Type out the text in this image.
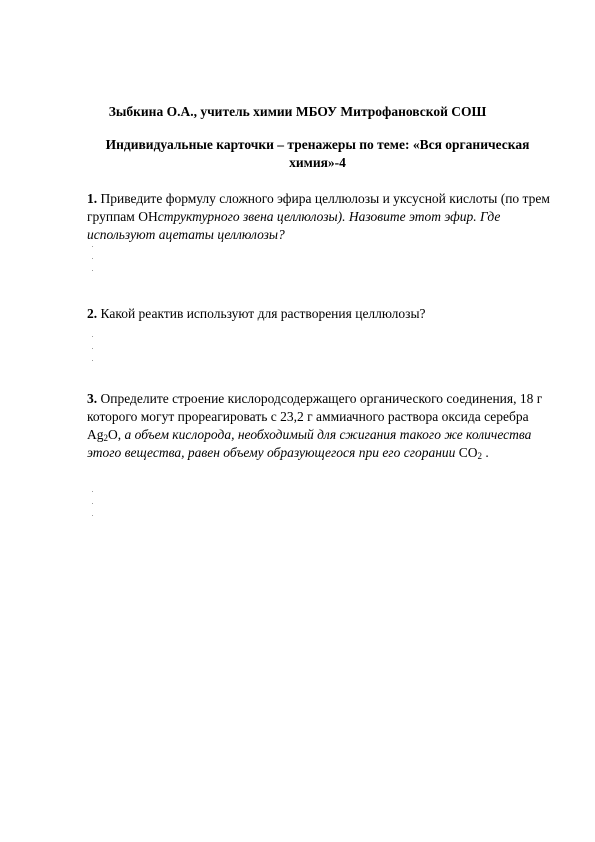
Зыбкина О.А., учитель химии МБОУ Митрофановской СОШ
Индивидуальные карточки – тренажеры по теме: «Вся органическая химия»-4
1. Приведите формулу сложного эфира целлюлозы и уксусной кислоты (по трем группам ОНструктурного звена целлюлозы). Назовите этот эфир. Где используют ацетаты целлюлозы?
2. Какой реактив используют для растворения целлюлозы?
3. Определите строение кислородсодержащего органического соединения, 18 г которого могут прореагировать с 23,2 г аммиачного раствора оксида серебра $Ag_2O$, а объем кислорода, необходимый для сжигания такого же количества этого вещества, равен объему образующегося при его сгорании $CO_2$ .
